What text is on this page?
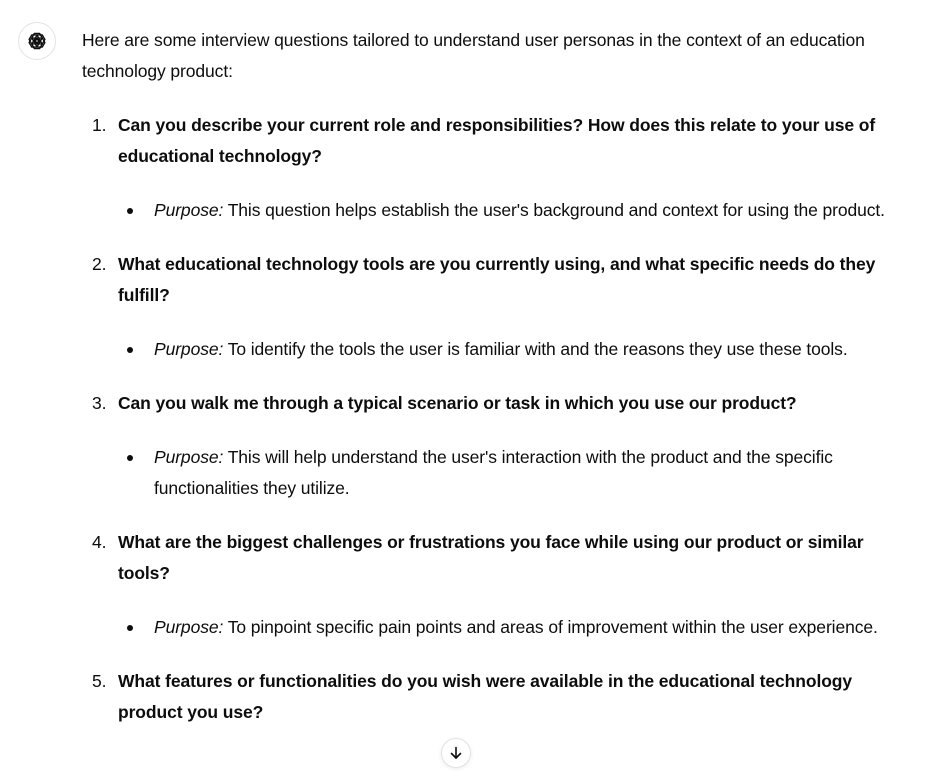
Here are some interview questions tailored to understand user personas in the context of an education technology product:

1. Can you describe your current role and responsibilities? How does this relate to your use of educational technology?
Purpose: This question helps establish the user's background and context for using the product.
2. What educational technology tools are you currently using, and what specific needs do they fulfill?
Purpose: To identify the tools the user is familiar with and the reasons they use these tools.
3. Can you walk me through a typical scenario or task in which you use our product?
Purpose: This will help understand the user's interaction with the product and the specific functionalities they utilize.
4. What are the biggest challenges or frustrations you face while using our product or similar tools?
Purpose: To pinpoint specific pain points and areas of improvement within the user experience.
5. What features or functionalities do you wish were available in the educational technology product you use?
